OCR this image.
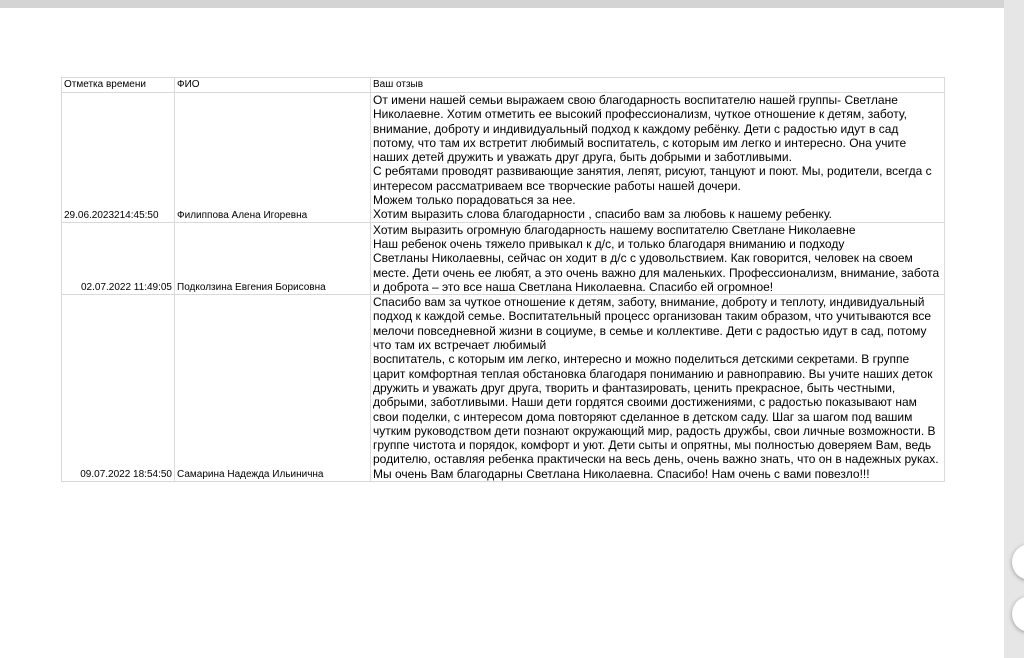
Отметка времени	ФИО	Ваш отзыв
29.06.2023214:45:50	Филиппова Алена Игоревна	От имени нашей семьи выражаем свою благодарность воспитателю нашей группы- Светлане Николаевне. Хотим отметить ее высокий профессионализм, чуткое отношение к детям, заботу, внимание, доброту и индивидуальный подход к каждому ребёнку. Дети с радостью идут в сад потому, что там их встретит любимый воспитатель, с которым им легко и интересно. Она учите наших детей дружить и уважать друг друга, быть добрыми и заботливыми.
С ребятами проводят развивающие занятия, лепят, рисуют, танцуют и поют. Мы, родители, всегда с интересом рассматриваем все творческие работы нашей дочери.
Можем только порадоваться за нее.
Хотим выразить слова благодарности , спасибо вам за любовь к нашему ребенку.
02.07.2022 11:49:05	Подколзина Евгения Борисовна	Хотим выразить огромную благодарность нашему воспитателю Светлане Николаевне
Наш ребенок очень тяжело привыкал к д/с, и только благодаря вниманию и подходу
Светланы Николаевны, сейчас он ходит в д/с с удовольствием. Как говорится, человек на своем месте. Дети очень ее любят, а это очень важно для маленьких. Профессионализм, внимание, забота и доброта – это все наша Светлана Николаевна. Спасибо ей огромное!
09.07.2022 18:54:50	Самарина Надежда Ильинична	Спасибо вам за чуткое отношение к детям, заботу, внимание, доброту и теплоту, индивидуальный подход к каждой семье. Воспитательный процесс организован таким образом, что учитываются все мелочи повседневной жизни в социуме, в семье и коллективе. Дети с радостью идут в сад, потому что там их встречает любимый
воспитатель, с которым им легко, интересно и можно поделиться детскими секретами. В группе царит комфортная теплая обстановка благодаря пониманию и равноправию. Вы учите наших деток дружить и уважать друг друга, творить и фантазировать, ценить прекрасное, быть честными, добрыми, заботливыми. Наши дети гордятся своими достижениями, с радостью показывают нам свои поделки, с интересом дома повторяют сделанное в детском саду. Шаг за шагом под вашим чутким руководством дети познают окружающий мир, радость дружбы, свои личные возможности. В группе чистота и порядок, комфорт и уют. Дети сыты и опрятны, мы полностью доверяем Вам, ведь родителю, оставляя ребенка практически на весь день, очень важно знать, что он в надежных руках. Мы очень Вам благодарны Светлана Николаевна. Спасибо! Нам очень с вами повезло!!!
